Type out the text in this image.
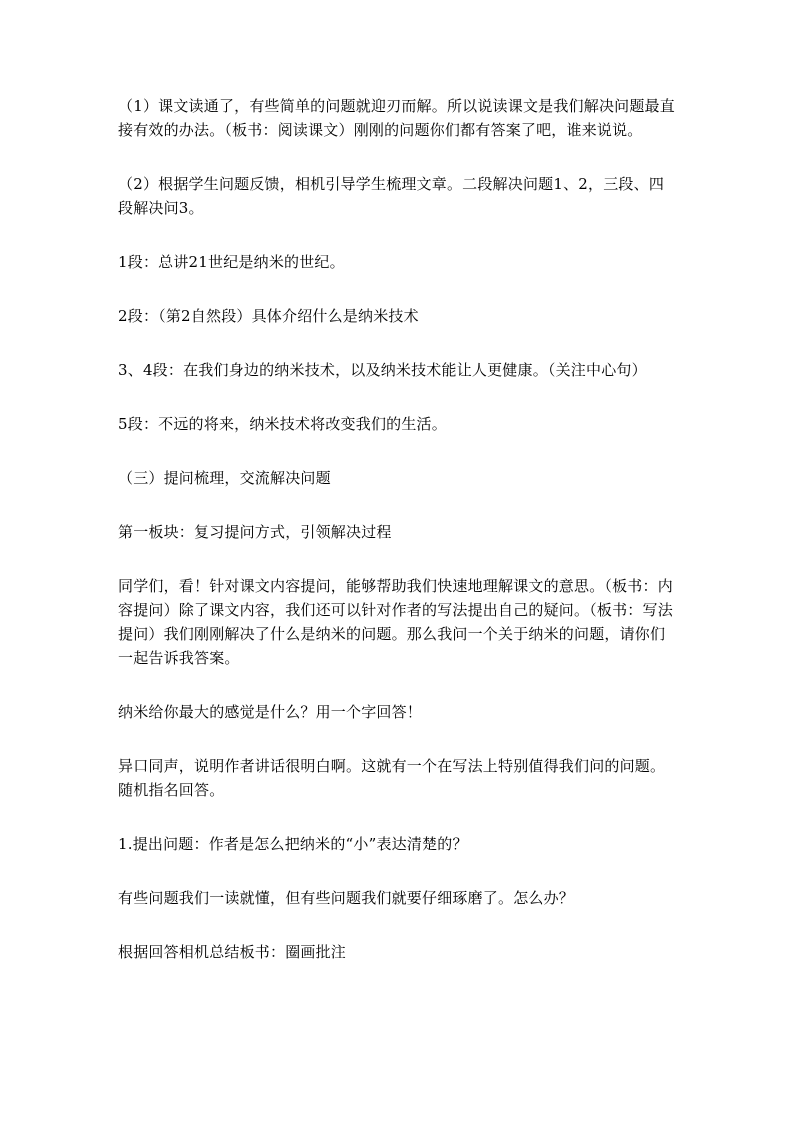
（1）课文读通了，有些简单的问题就迎刃而解。所以说读课文是我们解决问题最直接有效的办法。（板书：阅读课文）刚刚的问题你们都有答案了吧，谁来说说。

（2）根据学生问题反馈，相机引导学生梳理文章。二段解决问题1、2，三段、四段解决问3。

1段：总讲21世纪是纳米的世纪。

2段：（第2自然段）具体介绍什么是纳米技术

3、4段：在我们身边的纳米技术，以及纳米技术能让人更健康。（关注中心句）

5段：不远的将来，纳米技术将改变我们的生活。

（三）提问梳理，交流解决问题

第一板块：复习提问方式，引领解决过程

同学们，看！针对课文内容提问，能够帮助我们快速地理解课文的意思。（板书：内容提问）除了课文内容，我们还可以针对作者的写法提出自己的疑问。（板书：写法提问）我们刚刚解决了什么是纳米的问题。那么我问一个关于纳米的问题，请你们一起告诉我答案。

纳米给你最大的感觉是什么？用一个字回答！

异口同声，说明作者讲话很明白啊。这就有一个在写法上特别值得我们问的问题。随机指名回答。

1.提出问题：作者是怎么把纳米的“小”表达清楚的？

有些问题我们一读就懂，但有些问题我们就要仔细琢磨了。怎么办？

根据回答相机总结板书：圈画批注
